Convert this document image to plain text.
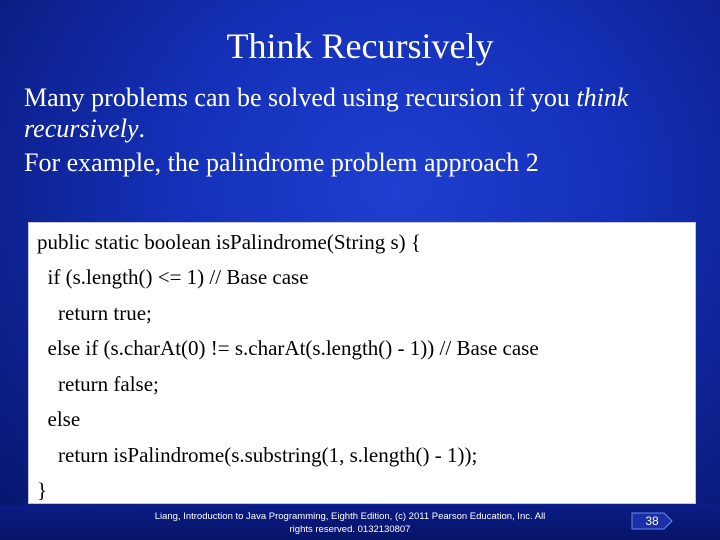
Think Recursively

Many problems can be solved using recursion if you think recursively.

For example, the palindrome problem approach 2

public static boolean isPalindrome(String s) {
if (s.length() <= 1) // Base case
return true;
else if (s.charAt(0) != s.charAt(s.length() - 1)) // Base case
return false;
else
return isPalindrome(s.substring(1, s.length() - 1));
}
Liang, Introduction to Java Programming, Eighth Edition, (c) 2011 Pearson Education, Inc. All
rights reserved. 0132130807
38
